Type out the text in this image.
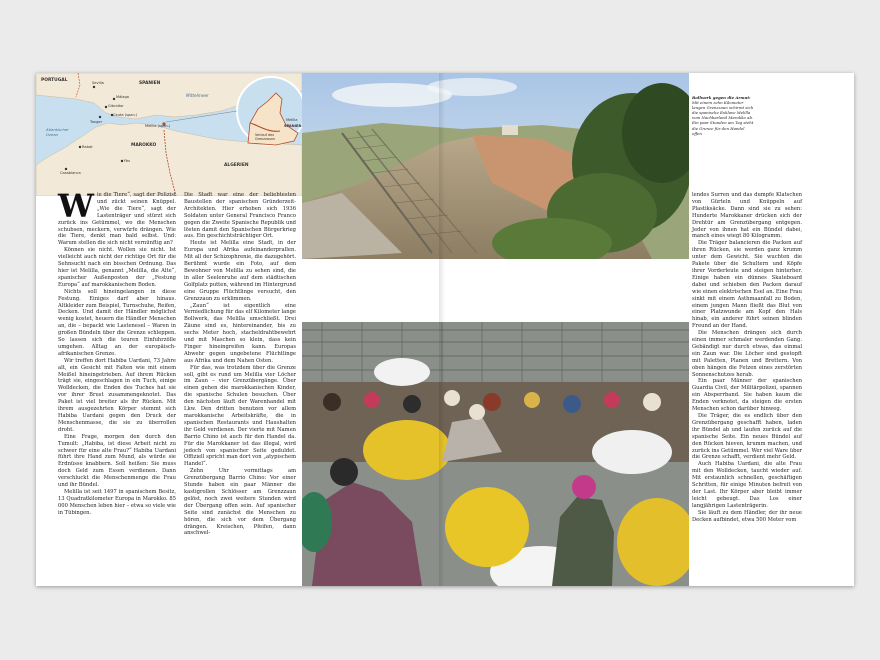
PORTUGAL
SPANIEN
MAROKKO
ALGERIEN
Mittelmeer
Atlantischer Ozean
Sevilla
Málaga
Gibraltar
Tanger
Ceuta (span.)
Melilla (span.)
Rabat
Casablanca
Fès
Melilla
SPANIEN
Verlauf des Grenzzauns
Bollwerk gegen die Armut: Mit einem zehn Kilometer langen Grenzzaun schirmt sich die spanische Exklave Melilla vom Nachbarland Marokko ab. Ein paar Stunden am Tag steht die Grenze für den Handel offen

Wie die Tiere“, sagt der Polizist und zückt seinen Knüppel. „Wie die Tiere“, sagt der Lastenträger und stürzt sich zurück ins Getümmel, wo die Menschen schubsen, meckern, verwürfe drängen. Wie die Tiere, denkt man bald selbst. Und: Warum stellen die sich nicht vernünftig an?

Können sie nicht. Wollen sie nicht. Ist vielleicht auch nicht der richtige Ort für die Sehnsucht nach ein bisschen Ordnung. Das hier ist Melilla, genannt „Melilla, die Alte“, spanischer Außenposten der „Festung Europa“ auf marokkanischem Boden.

Nichts soll hineingelangen in diese Festung. Einiges darf aber hinaus. Altkleider zum Beispiel, Turnschuhe, Reifen, Decken. Und damit der Händler möglichst wenig kostet, heuern die Händler Menschen an, die – bepackt wie Lastenesel – Waren in großen Bündeln über die Grenze schleppen. So lassen sich die teuren Einfuhrzölle umgehen. Alltag an der europäisch-afrikanischen Grenze.

Wir treffen dort Habiba Uardani, 73 Jahre alt, ein Gesicht mit Falten wie mit einem Meißel hineingetrieben. Auf ihrem Rücken trägt sie, eingeschlagen in ein Tuch, einige Wolldecken, die Enden des Tuches hat sie vor ihrer Brust zusammengeknotet. Das Paket ist viel breiter als ihr Rücken. Mit ihrem ausgezehrten Körper stemmt sich Habiba Uardani gegen den Druck der Menschenmasse, die sie zu überrollen droht.

Eine Frage, morgen den durch den Tumult: „Habiba, ist diese Arbeit nicht zu schwer für eine alte Frau?“ Habiba Uardani führt ihre Hand zum Mund, als würde sie Erdnüsse knabbern. Soll heißen: Sie muss doch Geld zum Essen verdienen. Dann verschluckt die Menschenmenge die Frau und ihr Bündel.

Melilla ist seit 1497 in spanischem Besitz, 13 Quadratkilometer Europa in Marokko. 85 000 Menschen leben hier – etwa so viele wie in Tübingen.

Die Stadt war eine der beliebtesten Baustellen der spanischen Gründerzeit-Architekten. Hier erhoben sich 1936 Soldaten unter General Francisco Franco gegen die Zweite Spanische Republik und lösten damit den Spanischen Bürgerkrieg aus. Ein geschichtsträchtiger Ort.

Heute ist Melilla eine Stadt, in der Europa und Afrika aufeinanderprallen. Mit all der Schizophrenie, die dazugehört. Berühmt wurde ein Foto, auf dem Bewohner von Melilla zu sehen sind, die in aller Seelenruhe auf dem städtischen Golfplatz putten, während im Hintergrund eine Gruppe Flüchtlinge versucht, den Grenzzaun zu erklimmen.

„Zaun“ ist eigentlich eine Verniedlichung für das elf Kilometer lange Bollwerk, das Melilla umschließt. Drei Zäune sind es, hintereinander, bis zu sechs Meter hoch, stacheldrahtbewehrt und mit Maschen so klein, dass kein Finger hineingreifen kann. Europas Abwehr gegen ungebetene Flüchtlinge aus Afrika und dem Nahen Osten.

Für das, was trotzdem über die Grenze soll, gibt es rund um Melilla vier Löcher im Zaun – vier Grenzübergänge. Über einen gehen die marokkanischen Kinder, die spanische Schulen besuchen. Über den nächsten läuft der Warenhandel mit Lkw. Den dritten benutzen vor allem marokkanische Arbeitskräfte, die in spanischen Restaurants und Haushalten ihr Geld verdienen. Der vierte mit Namen Barrio Chino ist auch für den Handel da. Für die Marokkaner ist das illegal, wird jedoch von spanischer Seite geduldet. Offiziell spricht man dort von „atypischem Handel“.

Zehn Uhr vormittags am Grenzübergang Barrio Chino: Vor einer Stunde haben ein paar Männer die kastigrollen Schlösser am Grenzzaun gelöst, noch zwei weitere Stunden wird der Übergang offen sein. Auf spanischer Seite sind zunächst die Menschen zu hören, die sich vor dem Übergang drängen. Kreischen, Pfeifen, dann anschwel-

lendes Surren und das dumpfe Klatschen von Gürteln und Knüppeln auf Plastiksäcke. Dann sind sie zu sehen: Hunderte Marokkaner drücken sich der Drehtür am Grenzübergang entgegen. Jeder von ihnen hat ein Bündel dabei, manch eines wiegt 80 Kilogramm.

Die Träger balancieren die Packen auf ihren Rücken, sie werden ganz krumm unter dem Gewicht. Sie wuchten die Pakete über die Schultern und Köpfe ihrer Vorderleute und steigen hinterher. Einige haben ein dünnes Skateboard dabei und schieben den Packen darauf wie einen elektrischen Esel an. Eine Frau sinkt mit einem Asthmaanfall zu Boden, einem jungen Mann fließt das Blut von einer Platzwunde am Kopf den Hals hinab, ein anderer führt seinen blinden Freund an der Hand.

Die Menschen drängen sich durch einen immer schmaler werdenden Gang. Gebändigt nur durch etwas, das einmal ein Zaun war. Die Löcher sind gestopft mit Paletten, Planen und Brettern. Von oben hängen die Fetzen eines zerstörten Sonnenschutzes herab.

Ein paar Männer der spanischen Guardia Civil, der Militärpolizei, spannen ein Absperrband. Sie haben kaum die Enden verknotet, da steigen die ersten Menschen schon darüber hinweg.

Die Träger, die es endlich über den Grenzübergang geschafft haben, laden ihr Bündel ab und laufen zurück auf die spanische Seite. Ein neues Bündel auf den Rücken hieven, krumm machen, und zurück ins Getümmel. Wer viel Ware über die Grenze schafft, verdient mehr Geld.

Auch Habiba Uardani, die alte Frau mit den Wolldecken, taucht wieder auf. Mit erstaunlich schnellen, geschäftigen Schritten, für einige Minuten befreit von der Last. Ihr Körper aber bleibt immer leicht gebeugt. Das Los einer langjährigen Lastenträgerin.

Sie läuft zu dem Händler, der ihr neue Decken aufbindet, etwa 500 Meter vom
